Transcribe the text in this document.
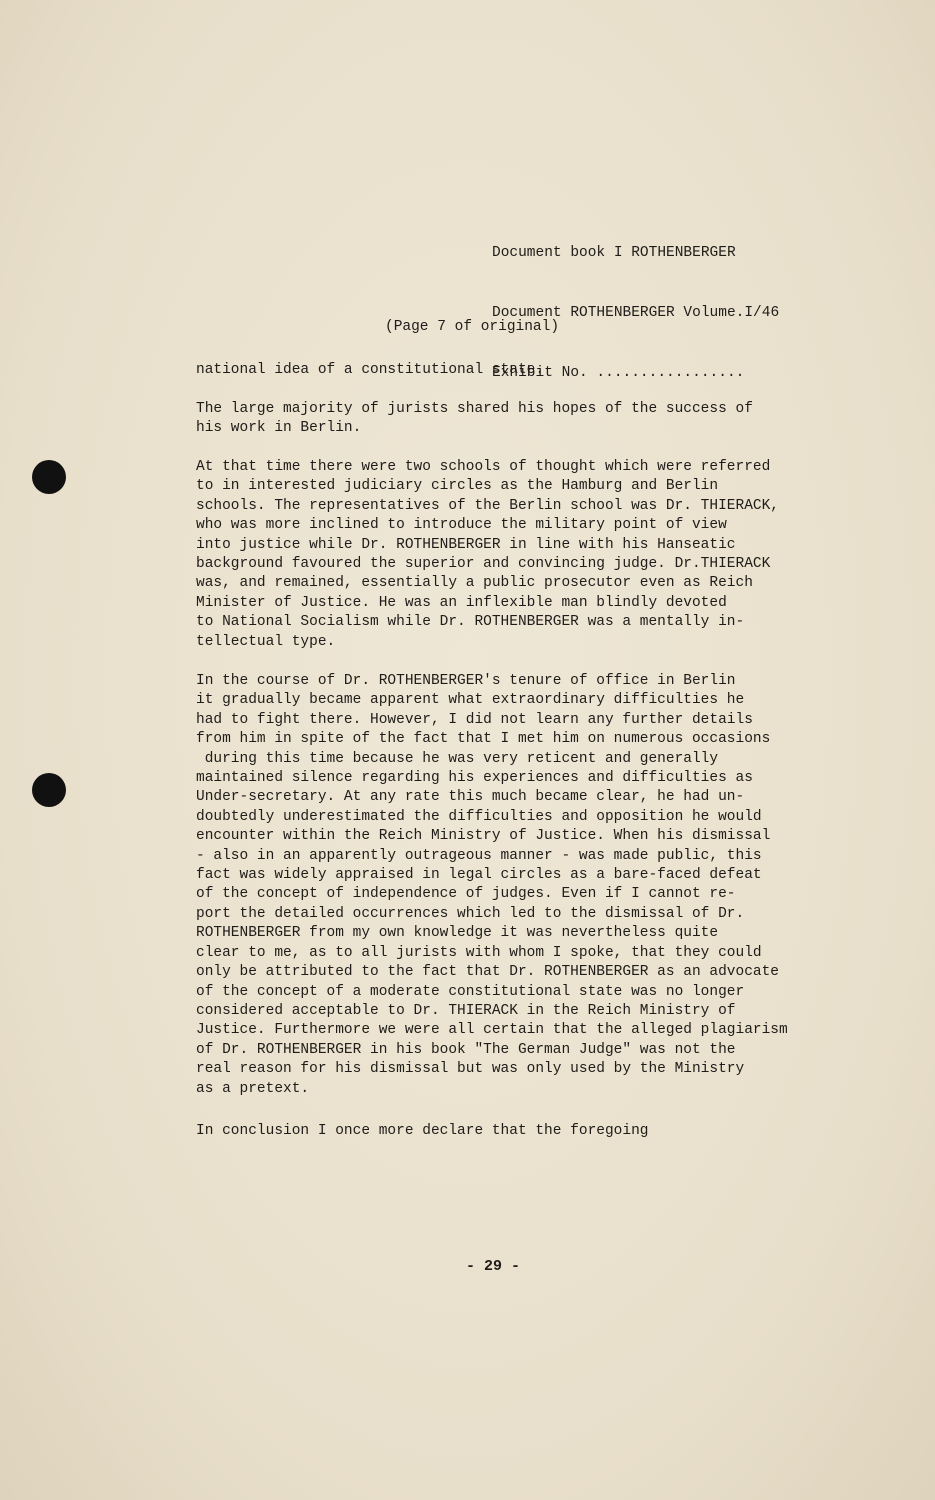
Document book I ROTHENBERGER

Document ROTHENBERGER Volume.I/46

Exhibit No. .................

(Page 7 of original)

national idea of a constitutional state.

The large majority of jurists shared his hopes of the success of
his work in Berlin.

At that time there were two schools of thought which were referred
to in interested judiciary circles as the Hamburg and Berlin
schools. The representatives of the Berlin school was Dr. THIERACK,
who was more inclined to introduce the military point of view
into justice while Dr. ROTHENBERGER in line with his Hanseatic
background favoured the superior and convincing judge. Dr.THIERACK
was, and remained, essentially a public prosecutor even as Reich
Minister of Justice. He was an inflexible man blindly devoted
to National Socialism while Dr. ROTHENBERGER was a mentally in-
tellectual type.

In the course of Dr. ROTHENBERGER's tenure of office in Berlin
it gradually became apparent what extraordinary difficulties he
had to fight there. However, I did not learn any further details
from him in spite of the fact that I met him on numerous occasions
during this time because he was very reticent and generally
maintained silence regarding his experiences and difficulties as
Under-secretary. At any rate this much became clear, he had un-
doubtedly underestimated the difficulties and opposition he would
encounter within the Reich Ministry of Justice. When his dismissal
- also in an apparently outrageous manner - was made public, this
fact was widely appraised in legal circles as a bare-faced defeat
of the concept of independence of judges. Even if I cannot re-
port the detailed occurrences which led to the dismissal of Dr.
ROTHENBERGER from my own knowledge it was nevertheless quite
clear to me, as to all jurists with whom I spoke, that they could
only be attributed to the fact that Dr. ROTHENBERGER as an advocate
of the concept of a moderate constitutional state was no longer
considered acceptable to Dr. THIERACK in the Reich Ministry of
Justice. Furthermore we were all certain that the alleged plagiarism
of Dr. ROTHENBERGER in his book "The German Judge" was not the
real reason for his dismissal but was only used by the Ministry
as a pretext.

In conclusion I once more declare that the foregoing

- 29 -
